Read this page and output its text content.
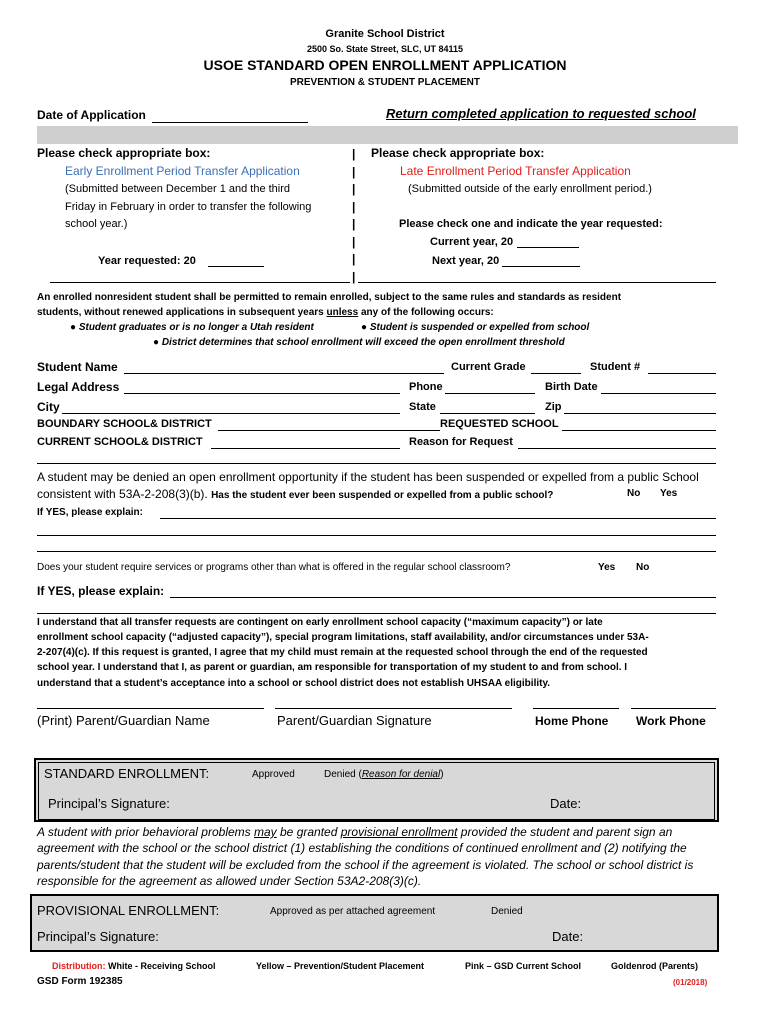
Granite School District
2500 So. State Street, SLC, UT 84115
USOE STANDARD OPEN ENROLLMENT APPLICATION
PREVENTION & STUDENT PLACEMENT
Date of Application	Return completed application to requested school
Please check appropriate box:
Early Enrollment Period Transfer Application
(Submitted between December 1 and the third
Friday in February in order to transfer the following
school year.)
Year requested: 20
|
|
|
|
|
|
|
|
Please check appropriate box:
Late Enrollment Period Transfer Application
(Submitted outside of the early enrollment period.)
Please check one and indicate the year requested:
Current year, 20
Next year, 20
An enrolled nonresident student shall be permitted to remain enrolled, subject to the same rules and standards as resident
students, without renewed applications in subsequent years unless any of the following occurs:
● Student graduates or is no longer a Utah resident	● Student is suspended or expelled from school
● District determines that school enrollment will exceed the open enrollment threshold
Student Name	Current Grade	Student #
Legal Address	Phone	Birth Date
City	State	Zip
BOUNDARY SCHOOL& DISTRICT	REQUESTED SCHOOL
CURRENT SCHOOL& DISTRICT	Reason for Request
A student may be denied an open enrollment opportunity if the student has been suspended or expelled from a public School
consistent with 53A-2-208(3)(b). Has the student ever been suspended or expelled from a public school?	No Yes
If YES, please explain:
Does your student require services or programs other than what is offered in the regular school classroom?	Yes No
If YES, please explain:
I understand that all transfer requests are contingent on early enrollment school capacity (“maximum capacity”) or late
enrollment school capacity (“adjusted capacity”), special program limitations, staff availability, and/or circumstances under 53A-
2-207(4)(c). If this request is granted, I agree that my child must remain at the requested school through the end of the requested
school year. I understand that I, as parent or guardian, am responsible for transportation of my student to and from school. I
understand that a student’s acceptance into a school or school district does not establish UHSAA eligibility.
(Print) Parent/Guardian Name	Parent/Guardian Signature	Home Phone Work Phone
STANDARD ENROLLMENT:	Approved	Denied (Reason for denial)
Principal’s Signature:	Date:
A student with prior behavioral problems may be granted provisional enrollment provided the student and parent sign an
agreement with the school or the school district (1) establishing the conditions of continued enrollment and (2) notifying the
parents/student that the student will be excluded from the school if the agreement is violated. The school or school district is
responsible for the agreement as allowed under Section 53A2-208(3)(c).
PROVISIONAL ENROLLMENT:	Approved as per attached agreement	Denied
Principal’s Signature:	Date:
Distribution: White - Receiving School	Yellow – Prevention/Student Placement	Pink – GSD Current School	Goldenrod (Parents)
GSD Form 192385	(01/2018)
